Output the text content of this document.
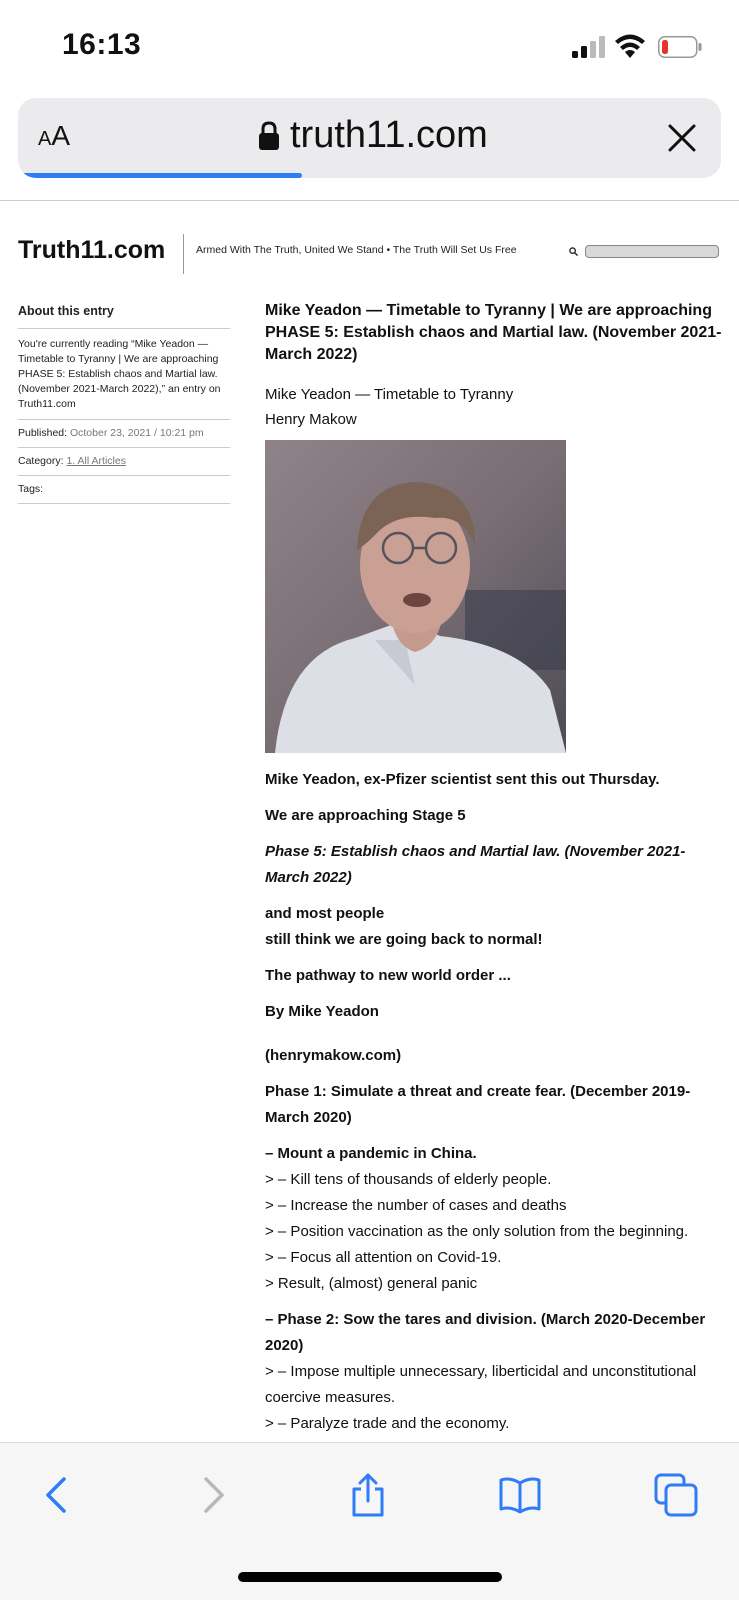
16:13
AA	truth11.com
Truth11.com	Armed With The Truth, United We Stand • The Truth Will Set Us Free
About this entry
You're currently reading “Mike Yeadon — Timetable to Tyranny | We are approaching PHASE 5: Establish chaos and Martial law. (November 2021-March 2022),” an entry on Truth11.com
Published: October 23, 2021 / 10:21 pm
Category: 1. All Articles
Tags:
Mike Yeadon — Timetable to Tyranny | We are approaching PHASE 5: Establish chaos and Martial law. (November 2021-March 2022)
Mike Yeadon — Timetable to Tyranny
Henry Makow
Mike Yeadon, ex-Pfizer scientist sent this out Thursday.
We are approaching Stage 5
Phase 5: Establish chaos and Martial law. (November 2021-March 2022)
and most people
still think we are going back to normal!
The pathway to new world order ...
By Mike Yeadon
(henrymakow.com)
Phase 1: Simulate a threat and create fear. (December 2019-March 2020)
– Mount a pandemic in China.
> – Kill tens of thousands of elderly people.
> – Increase the number of cases and deaths
> – Position vaccination as the only solution from the beginning.
> – Focus all attention on Covid-19.
> Result, (almost) general panic
– Phase 2: Sow the tares and division. (March 2020-December 2020)
> – Impose multiple unnecessary, liberticidal and unconstitutional coercive measures.
> – Paralyze trade and the economy.
